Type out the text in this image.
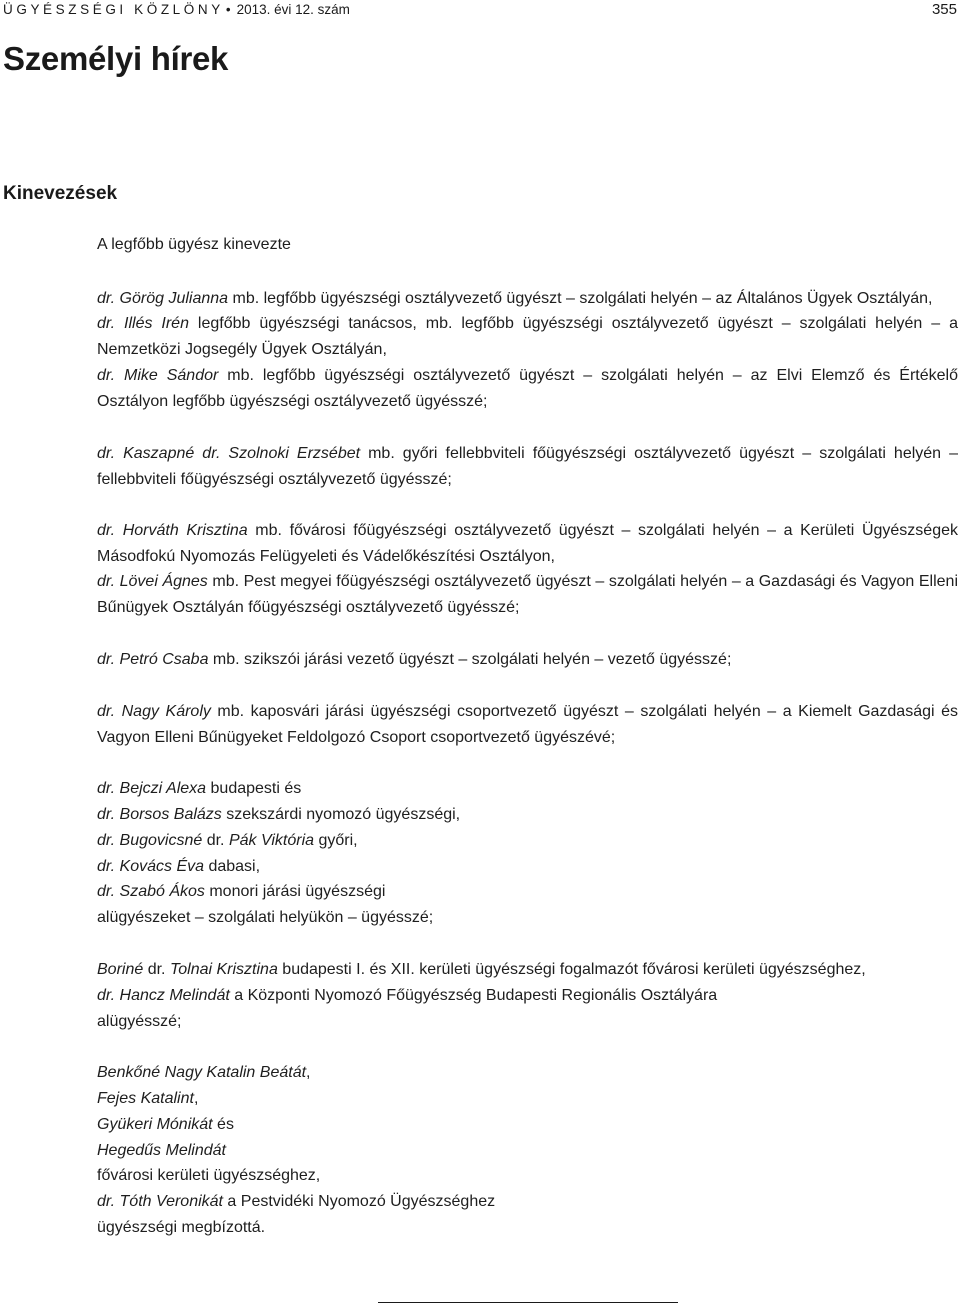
ÜGYÉSZSÉGI KÖZLÖNY • 2013. évi 12. szám	355
Személyi hírek
Kinevezések
A legfőbb ügyész kinevezte

dr. Görög Julianna mb. legfőbb ügyészségi osztályvezető ügyészt – szolgálati helyén – az Általános Ügyek Osztályán,

dr. Illés Irén legfőbb ügyészségi tanácsos, mb. legfőbb ügyészségi osztályvezető ügyészt – szolgálati helyén – a Nemzetközi Jogsegély Ügyek Osztályán,

dr. Mike Sándor mb. legfőbb ügyészségi osztályvezető ügyészt – szolgálati helyén – az Elvi Elemző és Értékelő Osztályon legfőbb ügyészségi osztályvezető ügyésszé;

dr. Kaszapné dr. Szolnoki Erzsébet mb. győri fellebbviteli főügyészségi osztályvezető ügyészt – szolgálati helyén – fellebbviteli főügyészségi osztályvezető ügyésszé;

dr. Horváth Krisztina mb. fővárosi főügyészségi osztályvezető ügyészt – szolgálati helyén – a Kerületi Ügyészségek Másodfokú Nyomozás Felügyeleti és Vádelőkészítési Osztályon,

dr. Lövei Ágnes mb. Pest megyei főügyészségi osztályvezető ügyészt – szolgálati helyén – a Gazdasági és Vagyon Elleni Bűnügyek Osztályán főügyészségi osztályvezető ügyésszé;

dr. Petró Csaba mb. szikszói járási vezető ügyészt – szolgálati helyén – vezető ügyésszé;

dr. Nagy Károly mb. kaposvári járási ügyészségi csoportvezető ügyészt – szolgálati helyén – a Kiemelt Gazdasági és Vagyon Elleni Bűnügyeket Feldolgozó Csoport csoportvezető ügyészévé;

dr. Bejczi Alexa budapesti és

dr. Borsos Balázs szekszárdi nyomozó ügyészségi,

dr. Bugovicsné dr. Pák Viktória győri,

dr. Kovács Éva dabasi,

dr. Szabó Ákos monori járási ügyészségi

alügyészeket – szolgálati helyükön – ügyésszé;

Boriné dr. Tolnai Krisztina budapesti I. és XII. kerületi ügyészségi fogalmazót fővárosi kerületi ügyészséghez,

dr. Hancz Melindát a Központi Nyomozó Főügyészség Budapesti Regionális Osztályára

alügyésszé;

Benkőné Nagy Katalin Beátát,

Fejes Katalint,

Gyükeri Mónikát és

Hegedűs Melindát

fővárosi kerületi ügyészséghez,

dr. Tóth Veronikát a Pestvidéki Nyomozó Ügyészséghez

ügyészségi megbízottá.
